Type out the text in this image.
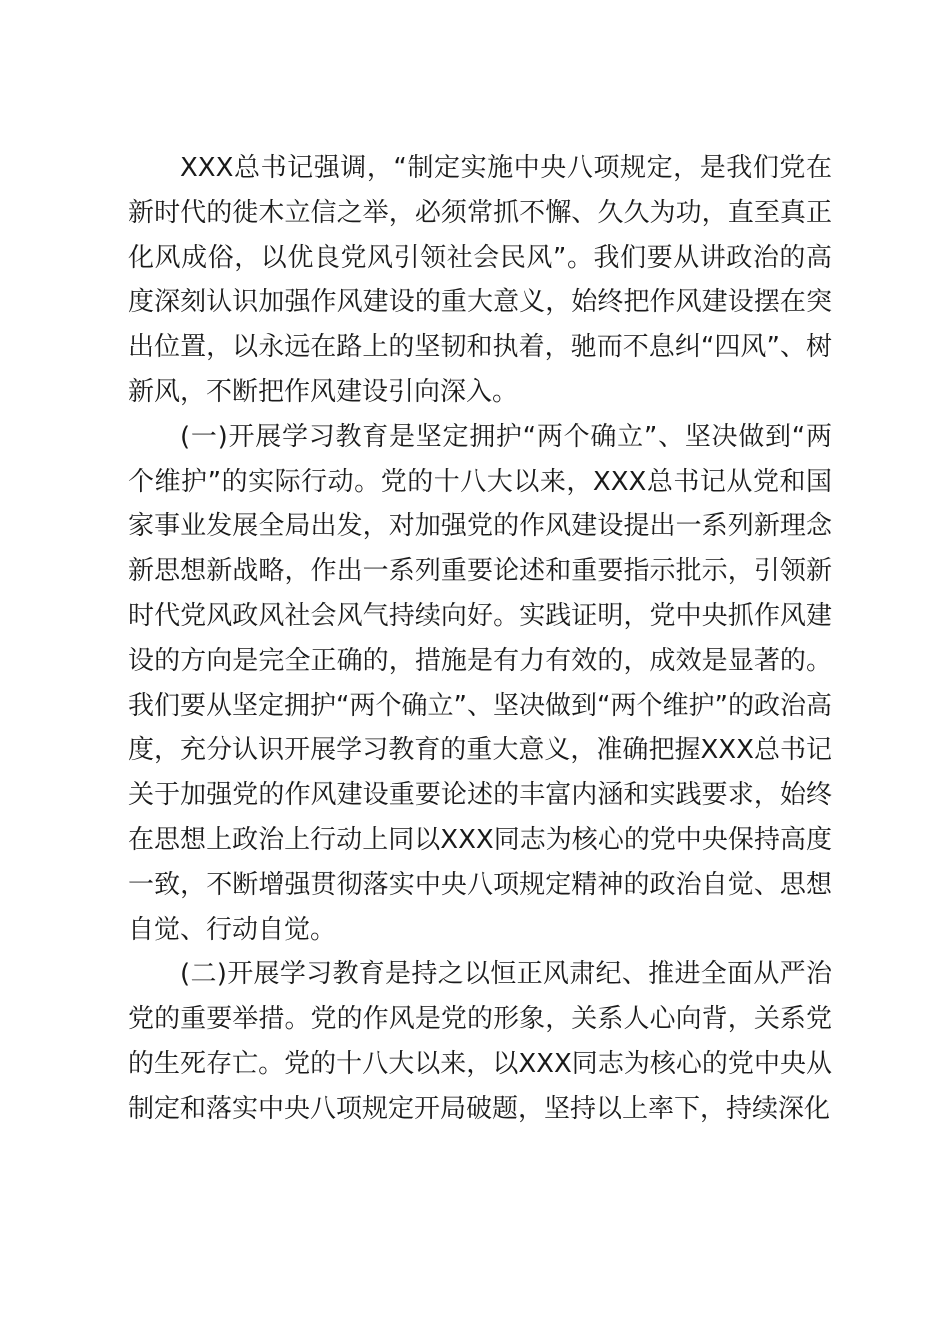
XXX总书记强调，“制定实施中央八项规定，是我们党在新时代的徙木立信之举，必须常抓不懈、久久为功，直至真正化风成俗，以优良党风引领社会民风”。我们要从讲政治的高度深刻认识加强作风建设的重大意义，始终把作风建设摆在突出位置，以永远在路上的坚韧和执着，驰而不息纠“四风”、树新风，不断把作风建设引向深入。

(一)开展学习教育是坚定拥护“两个确立”、坚决做到“两个维护”的实际行动。党的十八大以来，XXX总书记从党和国家事业发展全局出发，对加强党的作风建设提出一系列新理念新思想新战略，作出一系列重要论述和重要指示批示，引领新时代党风政风社会风气持续向好。实践证明，党中央抓作风建设的方向是完全正确的，措施是有力有效的，成效是显著的。我们要从坚定拥护“两个确立”、坚决做到“两个维护”的政治高度，充分认识开展学习教育的重大意义，准确把握XXX总书记关于加强党的作风建设重要论述的丰富内涵和实践要求，始终在思想上政治上行动上同以XXX同志为核心的党中央保持高度一致，不断增强贯彻落实中央八项规定精神的政治自觉、思想自觉、行动自觉。

(二)开展学习教育是持之以恒正风肃纪、推进全面从严治党的重要举措。党的作风是党的形象，关系人心向背，关系党的生死存亡。党的十八大以来，以XXX同志为核心的党中央从制定和落实中央八项规定开局破题，坚持以上率下，持续深化
